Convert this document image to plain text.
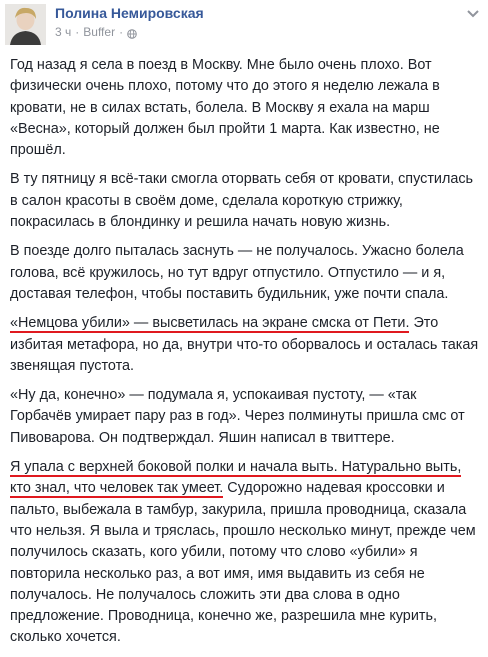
Полина Немировская
3 ч · Buffer ·

Год назад я села в поезд в Москву. Мне было очень плохо. Вот
физически очень плохо, потому что до этого я неделю лежала в
кровати, не в силах встать, болела. В Москву я ехала на марш
«Весна», который должен был пройти 1 марта. Как известно, не
прошёл.

В ту пятницу я всё-таки смогла оторвать себя от кровати, спустилась
в салон красоты в своём доме, сделала короткую стрижку,
покрасилась в блондинку и решила начать новую жизнь.

В поезде долго пыталась заснуть — не получалось. Ужасно болела
голова, всё кружилось, но тут вдруг отпустило. Отпустило — и я,
доставая телефон, чтобы поставить будильник, уже почти спала.

«Немцова убили» — высветилась на экране смска от Пети. Это
избитая метафора, но да, внутри что-то оборвалось и осталась такая
звенящая пустота.

«Ну да, конечно» — подумала я, успокаивая пустоту, — «так
Горбачёв умирает пару раз в год». Через полминуты пришла смс от
Пивоварова. Он подтверждал. Яшин написал в твиттере.

Я упала с верхней боковой полки и начала выть. Натурально выть,
кто знал, что человек так умеет. Судорожно надевая кроссовки и
пальто, выбежала в тамбур, закурила, пришла проводница, сказала
что нельзя. Я выла и тряслась, прошло несколько минут, прежде чем
получилось сказать, кого убили, потому что слово «убили» я
повторила несколько раз, а вот имя, имя выдавить из себя не
получалось. Не получалось сложить эти два слова в одно
предложение. Проводница, конечно же, разрешила мне курить,
сколько хочется.
